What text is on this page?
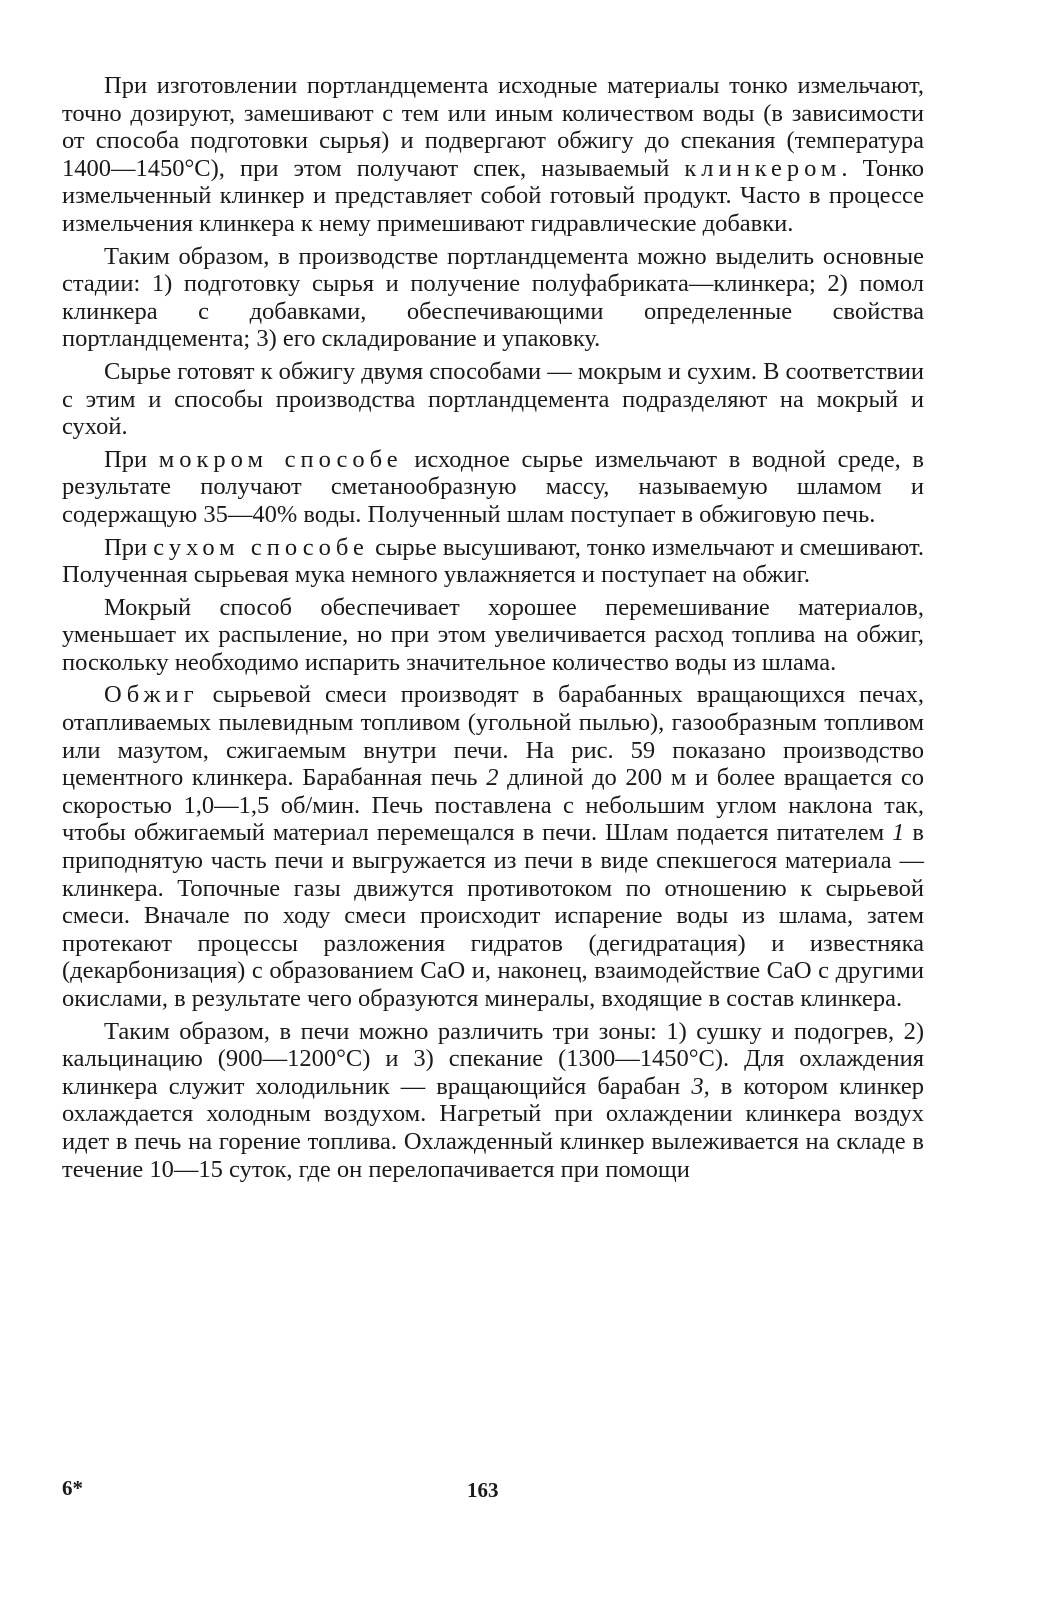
При изготовлении портландцемента исходные материалы тонко измельчают, точно дозируют, замешивают с тем или иным количеством воды (в зависимости от способа подготовки сырья) и подвергают обжигу до спекания (температура 1400—1450°С), при этом получают спек, называемый клинкером. Тонко измельченный клинкер и представляет собой готовый продукт. Часто в процессе измельчения клинкера к нему примешивают гидравлические добавки.

Таким образом, в производстве портландцемента можно выделить основные стадии: 1) подготовку сырья и получение полуфабриката—клинкера; 2) помол клинкера с добавками, обеспечивающими определенные свойства портландцемента; 3) его складирование и упаковку.

Сырье готовят к обжигу двумя способами — мокрым и сухим. В соответствии с этим и способы производства портландцемента подразделяют на мокрый и сухой.

При мокром способе исходное сырье измельчают в водной среде, в результате получают сметанообразную массу, называемую шламом и содержащую 35—40% воды. Полученный шлам поступает в обжиговую печь.

При сухом способе сырье высушивают, тонко измельчают и смешивают. Полученная сырьевая мука немного увлажняется и поступает на обжиг.

Мокрый способ обеспечивает хорошее перемешивание материалов, уменьшает их распыление, но при этом увеличивается расход топлива на обжиг, поскольку необходимо испарить значительное количество воды из шлама.

Обжиг сырьевой смеси производят в барабанных вращающихся печах, отапливаемых пылевидным топливом (угольной пылью), газообразным топливом или мазутом, сжигаемым внутри печи. На рис. 59 показано производство цементного клинкера. Барабанная печь 2 длиной до 200 м и более вращается со скоростью 1,0—1,5 об/мин. Печь поставлена с небольшим углом наклона так, чтобы обжигаемый материал перемещался в печи. Шлам подается питателем 1 в приподнятую часть печи и выгружается из печи в виде спекшегося материала — клинкера. Топочные газы движутся противотоком по отношению к сырьевой смеси. Вначале по ходу смеси происходит испарение воды из шлама, затем протекают процессы разложения гидратов (дегидратация) и известняка (декарбонизация) с образованием СаО и, наконец, взаимодействие СаО с другими окислами, в результате чего образуются минералы, входящие в состав клинкера.

Таким образом, в печи можно различить три зоны: 1) сушку и подогрев, 2) кальцинацию (900—1200°С) и 3) спекание (1300—1450°С). Для охлаждения клинкера служит холодильник — вращающийся барабан 3, в котором клинкер охлаждается холодным воздухом. Нагретый при охлаждении клинкера воздух идет в печь на горение топлива. Охлажденный клинкер вылеживается на складе в течение 10—15 суток, где он перелопачивается при помощи

6*	163
